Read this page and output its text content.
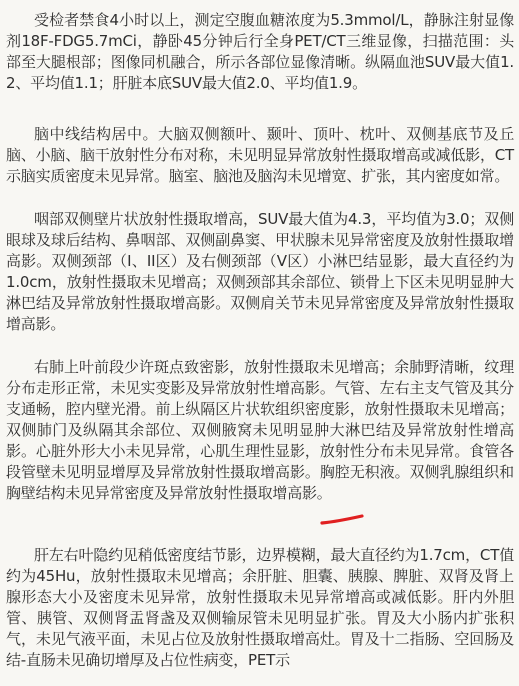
受检者禁食4小时以上，测定空腹血糖浓度为5.3mmol/L，静脉注射显像剂18F-FDG5.7mCi，静卧45分钟后行全身PET/CT三维显像，扫描范围：头部至大腿根部；图像同机融合，所示各部位显像清晰。纵隔血池SUV最大值1.2、平均值1.1；肝脏本底SUV最大值2.0、平均值1.9。

脑中线结构居中。大脑双侧额叶、颞叶、顶叶、枕叶、双侧基底节及丘脑、小脑、脑干放射性分布对称，未见明显异常放射性摄取增高或减低影，CT示脑实质密度未见异常。脑室、脑池及脑沟未见增宽、扩张，其内密度如常。

咽部双侧壁片状放射性摄取增高，SUV最大值为4.3，平均值为3.0；双侧眼球及球后结构、鼻咽部、双侧副鼻窦、甲状腺未见异常密度及放射性摄取增高影。双侧颈部（I、II区）及右侧颈部（V区）小淋巴结显影，最大直径约为1.0cm，放射性摄取未见增高；双侧颈部其余部位、锁骨上下区未见明显肿大淋巴结及异常放射性摄取增高影。双侧肩关节未见异常密度及异常放射性摄取增高影。

右肺上叶前段少许斑点致密影，放射性摄取未见增高；余肺野清晰，纹理分布走形正常，未见实变影及异常放射性增高影。气管、左右主支气管及其分支通畅，腔内壁光滑。前上纵隔区片状软组织密度影，放射性摄取未见增高；双侧肺门及纵隔其余部位、双侧腋窝未见明显肿大淋巴结及异常放射性增高影。心脏外形大小未见异常，心肌生理性显影，放射性分布未见异常。食管各段管壁未见明显增厚及异常放射性摄取增高影。胸腔无积液。双侧乳腺组织和胸壁结构未见异常密度及异常放射性摄取增高影。

肝左右叶隐约见稍低密度结节影，边界模糊，最大直径约为1.7cm，CT值约为45Hu，放射性摄取未见增高；余肝脏、胆囊、胰腺、脾脏、双肾及肾上腺形态大小及密度未见异常，放射性摄取未见异常增高或减低影。肝内外胆管、胰管、双侧肾盂肾盏及双侧输尿管未见明显扩张。胃及大小肠内扩张积气，未见气液平面，未见占位及放射性摄取增高灶。胃及十二指肠、空回肠及结-直肠未见确切增厚及占位性病变，PET示
